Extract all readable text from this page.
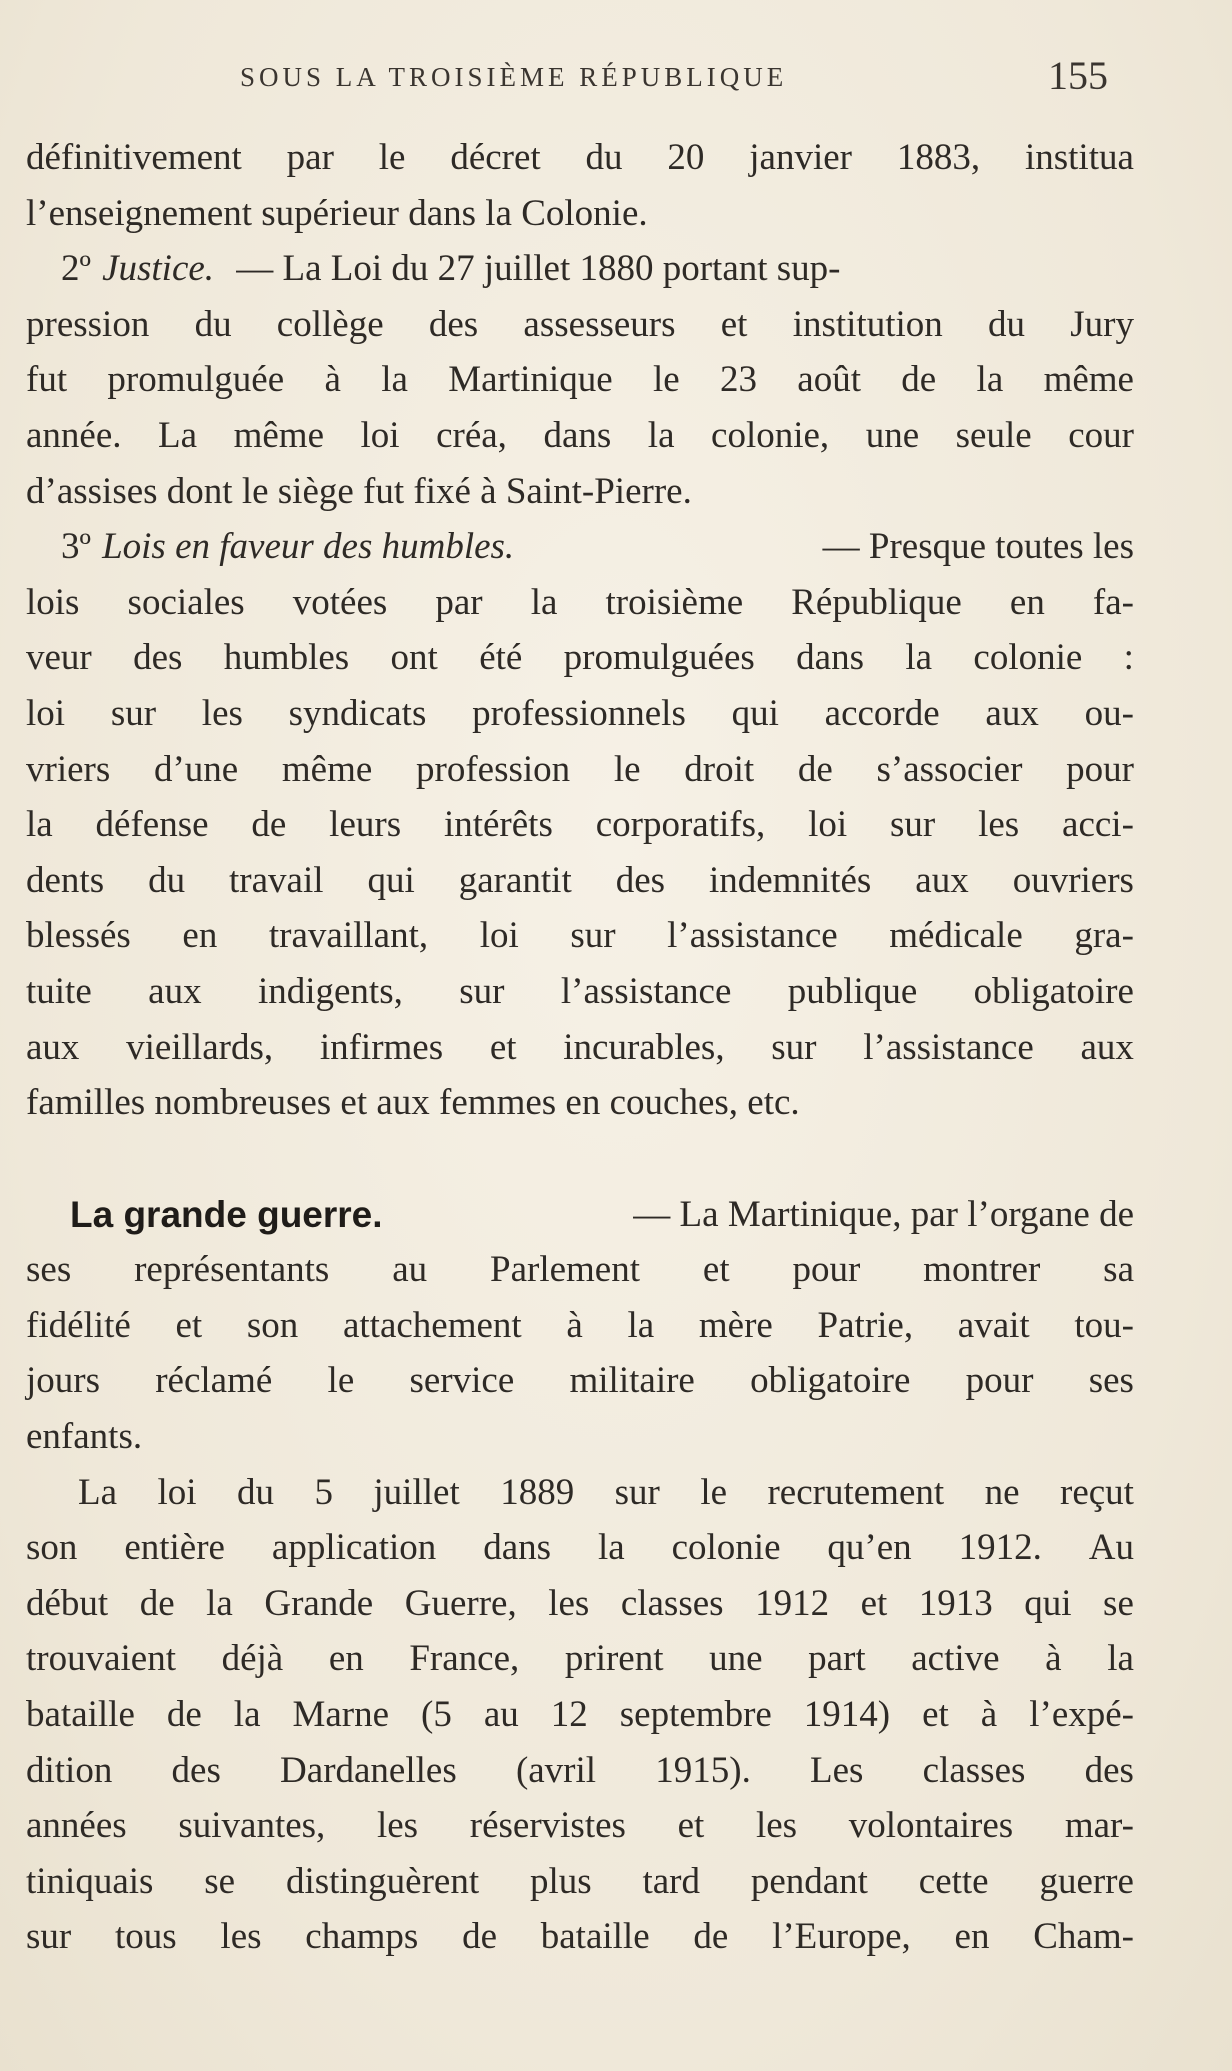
SOUS LA TROISIÈME RÉPUBLIQUE	155
définitivement par le décret du 20 janvier 1883, institua
l’enseignement supérieur dans la Colonie.
2º Justice. — La Loi du 27 juillet 1880 portant sup-
pression du collège des assesseurs et institution du Jury
fut promulguée à la Martinique le 23 août de la même
année. La même loi créa, dans la colonie, une seule cour
d’assises dont le siège fut fixé à Saint-Pierre.
3º Lois en faveur des humbles.	— Presque toutes les
lois sociales votées par la troisième République en fa-
veur des humbles ont été promulguées dans la colonie :
loi sur les syndicats professionnels qui accorde aux ou-
vriers d’une même profession le droit de s’associer pour
la défense de leurs intérêts corporatifs, loi sur les acci-
dents du travail qui garantit des indemnités aux ouvriers
blessés en travaillant, loi sur l’assistance médicale gra-
tuite aux indigents, sur l’assistance publique obligatoire
aux vieillards, infirmes et incurables, sur l’assistance aux
familles nombreuses et aux femmes en couches, etc.
La grande guerre.	— La Martinique, par l’organe de
ses représentants au Parlement et pour montrer sa
fidélité et son attachement à la mère Patrie, avait tou-
jours réclamé le service militaire obligatoire pour ses
enfants.
La loi du 5 juillet 1889 sur le recrutement ne reçut
son entière application dans la colonie qu’en 1912. Au
début de la Grande Guerre, les classes 1912 et 1913 qui se
trouvaient déjà en France, prirent une part active à la
bataille de la Marne (5 au 12 septembre 1914) et à l’expé-
dition des Dardanelles (avril 1915). Les classes des
années suivantes, les réservistes et les volontaires mar-
tiniquais se distinguèrent plus tard pendant cette guerre
sur tous les champs de bataille de l’Europe, en Cham-
